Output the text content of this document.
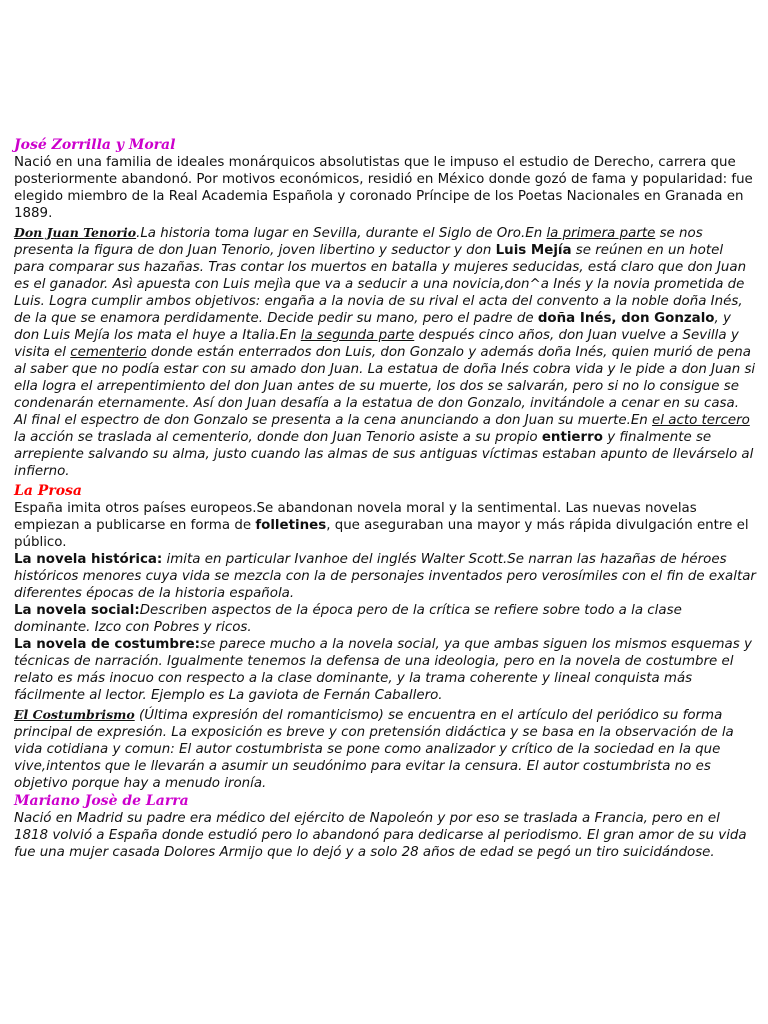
José Zorrilla y Moral

Nació en una familia de ideales monárquicos absolutistas que le impuso el estudio de Derecho, carrera que posteriormente abandonó. Por motivos económicos, residió en México donde gozó de fama y popularidad: fue elegido miembro de la Real Academia Española y coronado Príncipe de los Poetas Nacionales en Granada en 1889.

Don Juan Tenorio.La historia toma lugar en Sevilla, durante el Siglo de Oro.En la primera parte se nos presenta la figura de don Juan Tenorio, joven libertino y seductor y don Luis Mejía se reúnen en un hotel para comparar sus hazañas. Tras contar los muertos en batalla y mujeres seducidas, está claro que don Juan es el ganador. Asì apuesta con Luis mejìa que va a seducir a una novicia,don^a Inés y la novia prometida de Luis. Logra cumplir ambos objetivos: engaña a la novia de su rival el acta del convento a la noble doña Inés, de la que se enamora perdidamente. Decide pedir su mano, pero el padre de doña Inés, don Gonzalo, y don Luis Mejía los mata el huye a Italia.En la segunda parte después cinco años, don Juan vuelve a Sevilla y visita el cementerio donde están enterrados don Luis, don Gonzalo y además doña Inés, quien murió de pena al saber que no podía estar con su amado don Juan. La estatua de doña Inés cobra vida y le pide a don Juan si ella logra el arrepentimiento del don Juan antes de su muerte, los dos se salvarán, pero si no lo consigue se condenarán eternamente. Así don Juan desafía a la estatua de don Gonzalo, invitándole a cenar en su casa. Al final el espectro de don Gonzalo se presenta a la cena anunciando a don Juan su muerte.En el acto tercero la acción se traslada al cementerio, donde don Juan Tenorio asiste a su propio entierro y finalmente se arrepiente salvando su alma, justo cuando las almas de sus antiguas víctimas estaban apunto de llevárselo al infierno.

La Prosa

España imita otros países europeos.Se abandonan novela moral y la sentimental. Las nuevas novelas empiezan a publicarse en forma de folletines, que aseguraban una mayor y más rápida divulgación entre el público.

La novela histórica: imita en particular Ivanhoe del inglés Walter Scott.Se narran las hazañas de héroes históricos menores cuya vida se mezcla con la de personajes inventados pero verosímiles con el fin de exaltar diferentes épocas de la historia española.

La novela social:Describen aspectos de la época pero de la crítica se refiere sobre todo a la clase dominante. Izco con Pobres y ricos.

La novela de costumbre:se parece mucho a la novela social, ya que ambas siguen los mismos esquemas y técnicas de narración. Igualmente tenemos la defensa de una ideologia, pero en la novela de costumbre el relato es más inocuo con respecto a la clase dominante, y la trama coherente y lineal conquista más fácilmente al lector. Ejemplo es La gaviota de Fernán Caballero.

El Costumbrismo (Última expresión del romanticismo) se encuentra en el artículo del periódico su forma principal de expresión. La exposición es breve y con pretensión didáctica y se basa en la observación de la vida cotidiana y comun: El autor costumbrista se pone como analizador y crítico de la sociedad en la que vive,intentos que le llevarán a asumir un seudónimo para evitar la censura. El autor costumbrista no es objetivo porque hay a menudo ironía.

Mariano Josè de Larra

Nació en Madrid su padre era médico del ejército de Napoleón y por eso se traslada a Francia, pero en el 1818 volvió a España donde estudió pero lo abandonó para dedicarse al periodismo. El gran amor de su vida fue una mujer casada Dolores Armijo que lo dejó y a solo 28 años de edad se pegó un tiro suicidándose.
